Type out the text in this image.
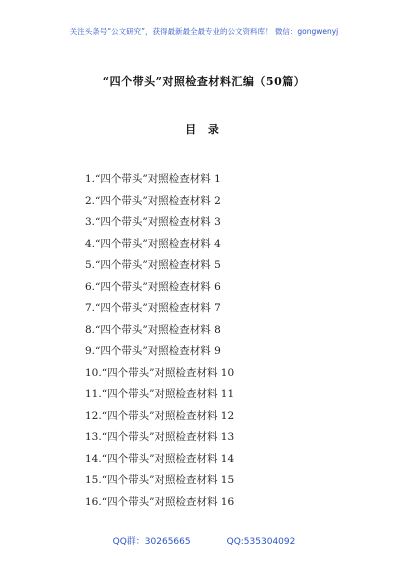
关注头条号“公文研究”，获得最新最全最专业的公文资料库！ 微信：gongwenyj
“四个带头”对照检查材料汇编（50篇）
目 录
1.“四个带头”对照检查材料 1
2.“四个带头”对照检查材料 2
3.“四个带头”对照检查材料 3
4.“四个带头”对照检查材料 4
5.“四个带头”对照检查材料 5
6.“四个带头”对照检查材料 6
7.“四个带头”对照检查材料 7
8.“四个带头”对照检查材料 8
9.“四个带头”对照检查材料 9
10.“四个带头”对照检查材料 10
11.“四个带头”对照检查材料 11
12.“四个带头”对照检查材料 12
13.“四个带头”对照检查材料 13
14.“四个带头”对照检查材料 14
15.“四个带头”对照检查材料 15
16.“四个带头”对照检查材料 16
QQ群：30265665	QQ:535304092
